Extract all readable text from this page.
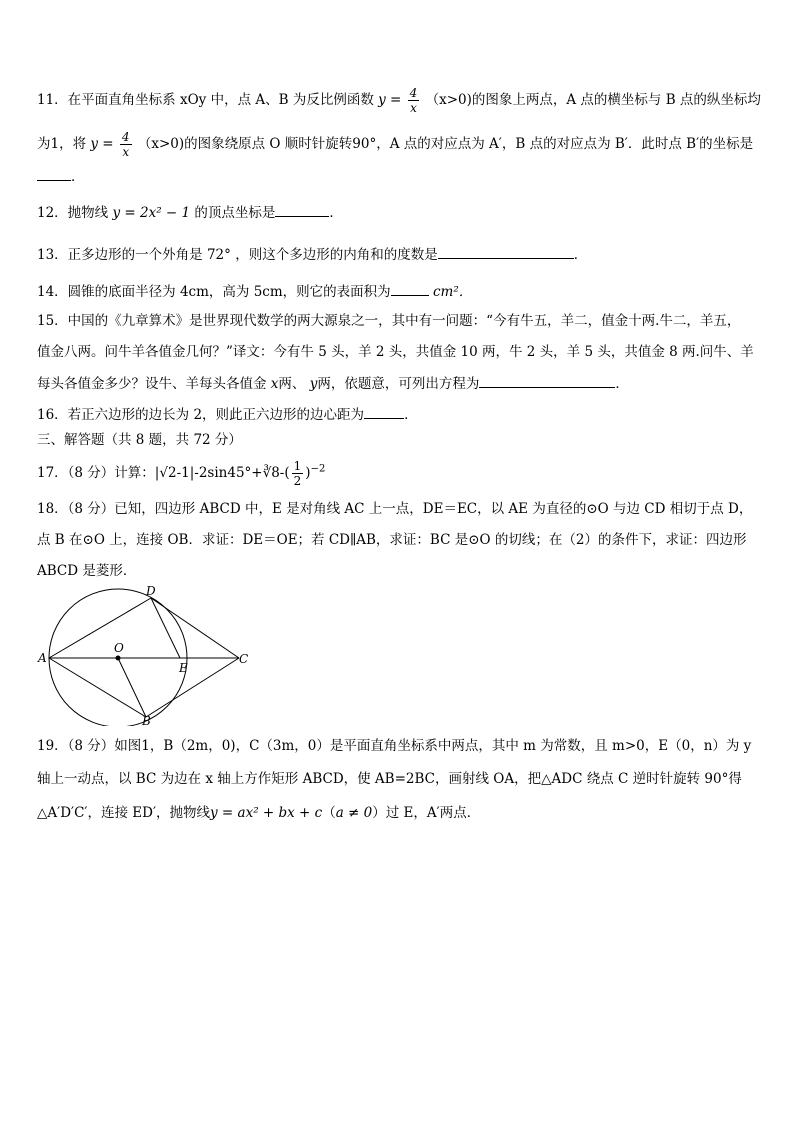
11．在平面直角坐标系 xOy 中，点 A、B 为反比例函数 $y = \frac{4}{x} (x>0)$的图象上两点，A 点的横坐标与 B 点的纵坐标均
为1，将 $y = \frac{4}{x} (x>0)$的图象绕原点 O 顺时针旋转90°，A 点的对应点为 A′，B 点的对应点为 B′．此时点 B′的坐标是
．
12．抛物线 y = 2x² − 1 的顶点坐标是	．
13．正多边形的一个外角是 72° ，则这个多边形的内角和的度数是	．
14．圆锥的底面半径为 4cm，高为 5cm，则它的表面积为	cm²．
15．中国的《九章算术》是世界现代数学的两大源泉之一，其中有一问题：“今有牛五，羊二，值金十两.牛二，羊五，
值金八两。问牛羊各值金几何？”译文：今有牛 5 头，羊 2 头，共值金 10 两，牛 2 头，羊 5 头，共值金 8 两.问牛、羊
每头各值金多少？设牛、羊每头各值金 x两、 y两，依题意，可列出方程为	．
16．若正六边形的边长为 2，则此正六边形的边心距为	．
三、解答题（共 8 题，共 72 分）
17．（8 分）计算：|√2-1|-2sin45°+∛8-( $\frac{1}{2} )^{-2}$
18．（8 分）已知，四边形 ABCD 中，E 是对角线 AC 上一点，DE＝EC，以 AE 为直径的⊙O 与边 CD 相切于点 D，
点 B 在⊙O 上，连接 OB．求证：DE＝OE；若 CD∥AB，求证：BC 是⊙O 的切线；在（2）的条件下，求证：四边形
ABCD 是菱形．
A
D
O
E
C
B
19．（8 分）如图1，B（2m，0)，C（3m，0）是平面直角坐标系中两点，其中 m 为常数，且 m>0，E（0，n）为 y
轴上一动点，以 BC 为边在 x 轴上方作矩形 ABCD，使 AB=2BC，画射线 OA，把△ADC 绕点 C 逆时针旋转 90°得
△A′D′C′，连接 ED′，抛物线y = ax² + bx + c（a ≠ 0）过 E，A′两点．
